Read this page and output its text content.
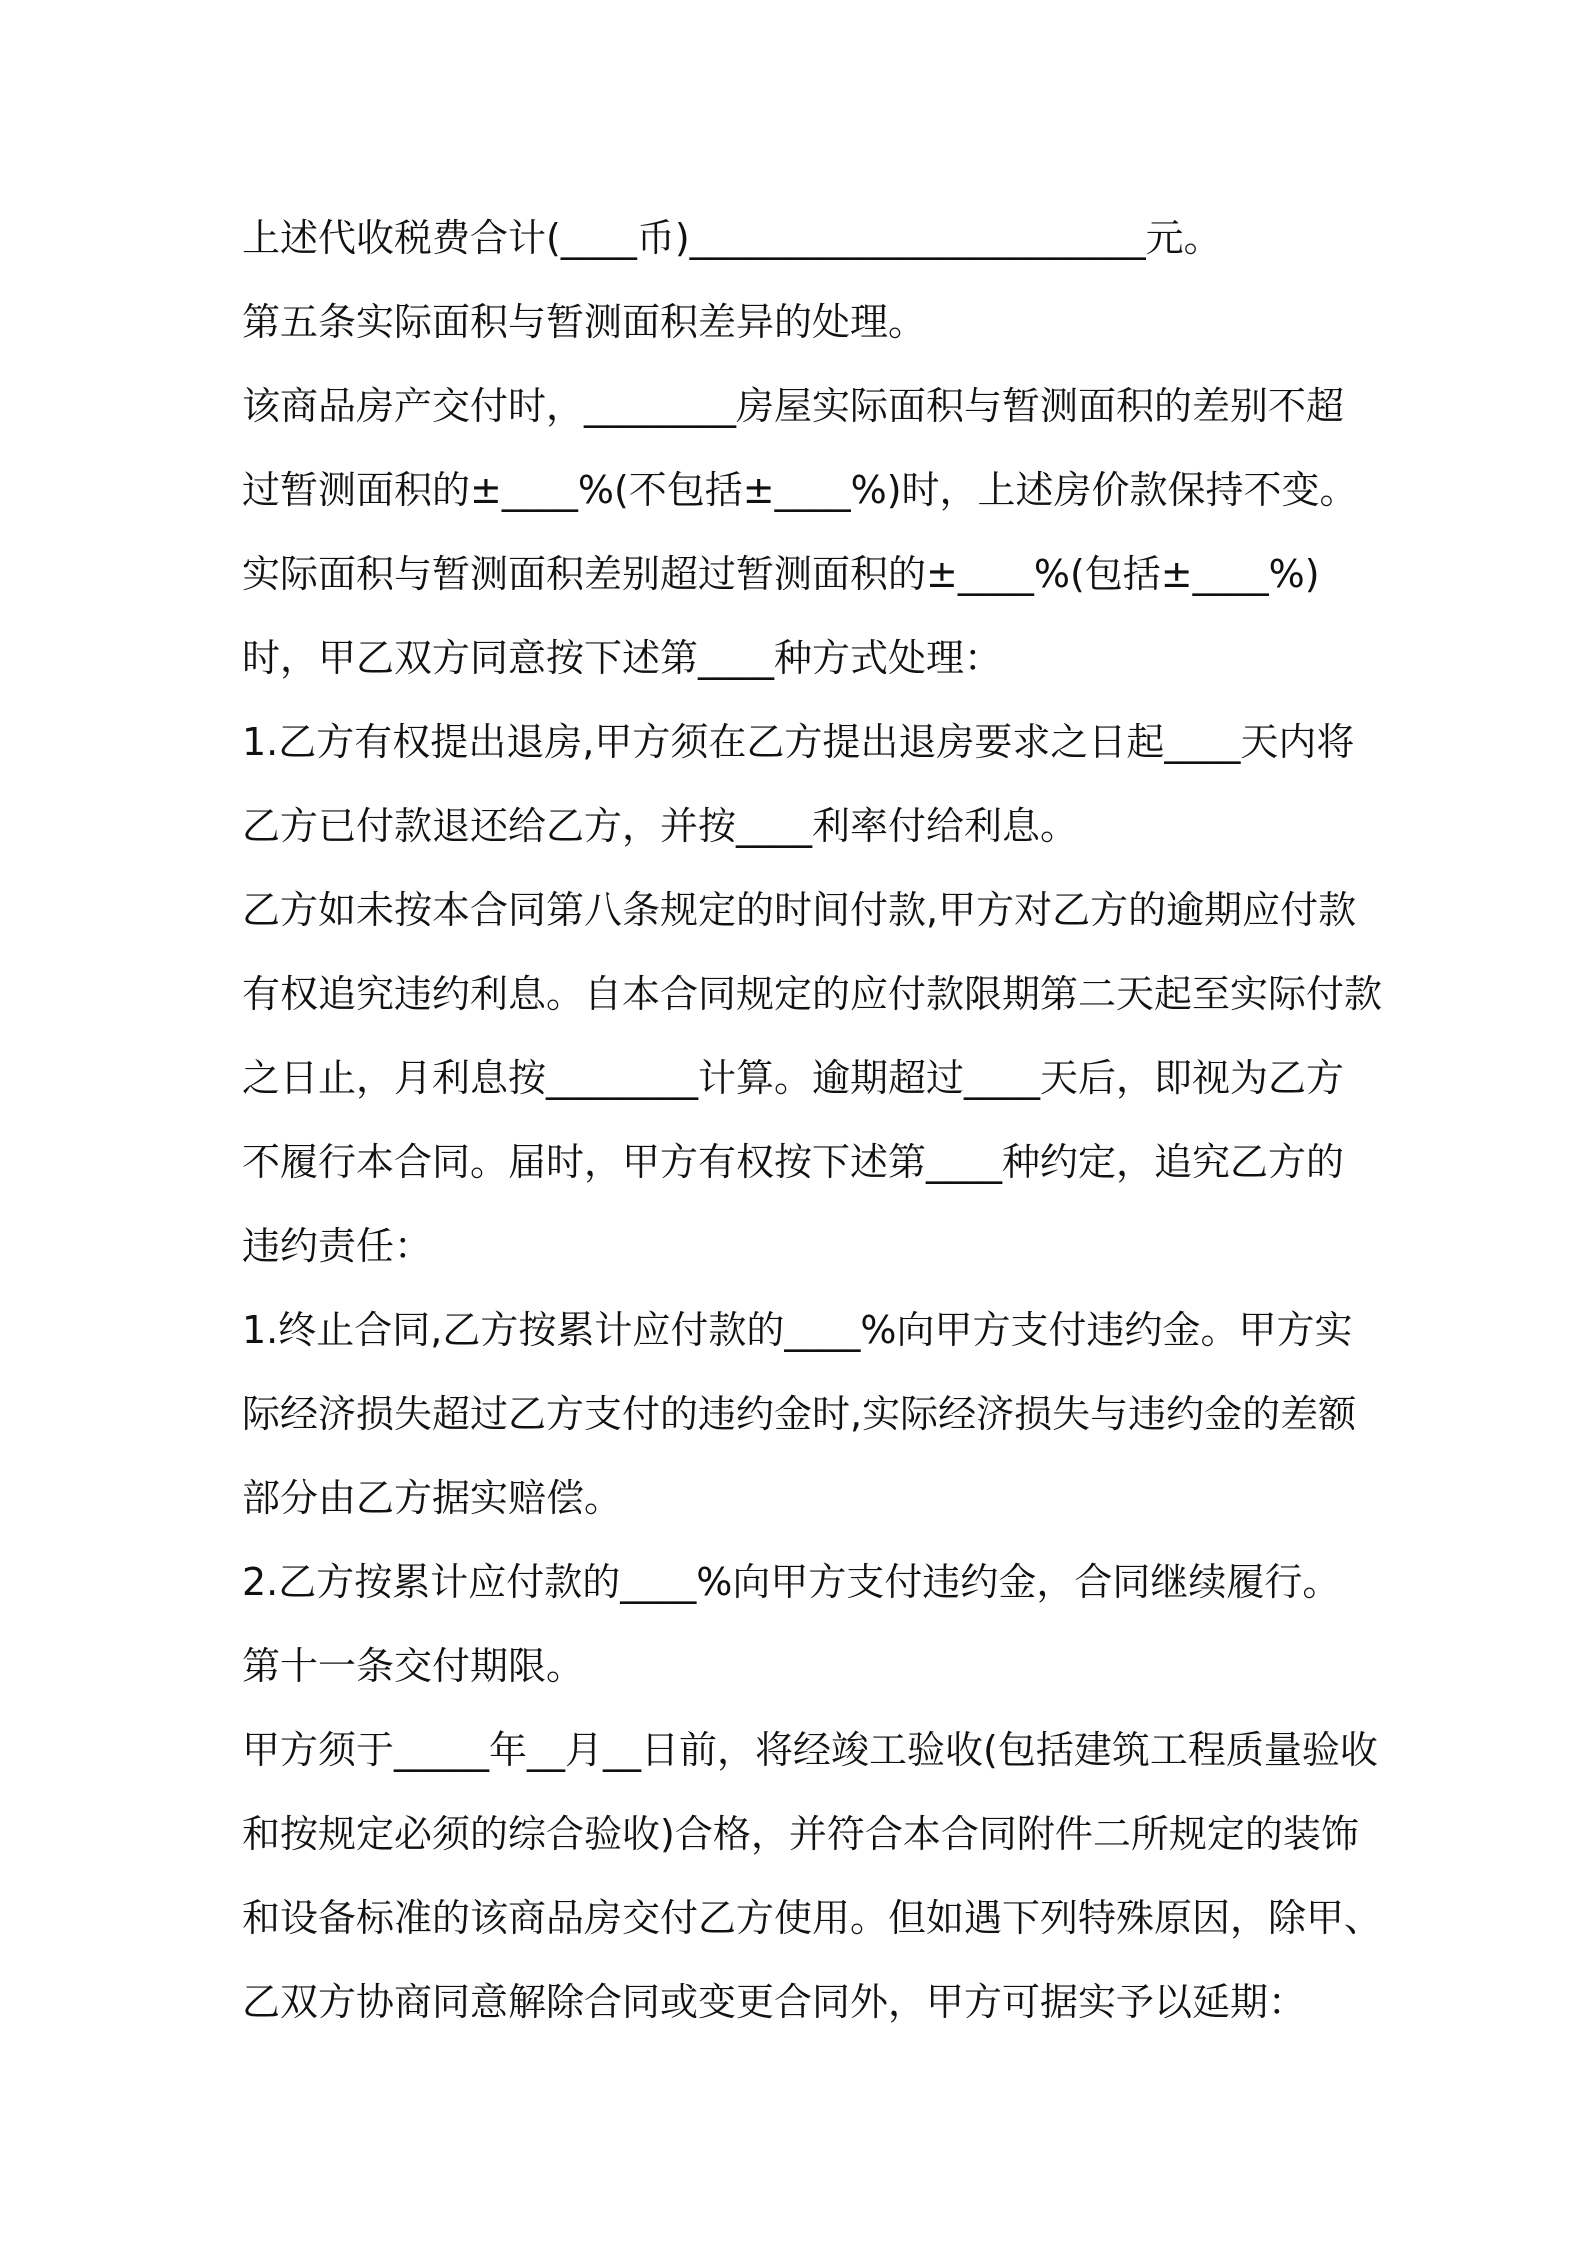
上述代收税费合计(____币)________________________元。
第五条实际面积与暂测面积差异的处理。
该商品房产交付时，________房屋实际面积与暂测面积的差别不超
过暂测面积的±____%(不包括±____%)时，上述房价款保持不变。
实际面积与暂测面积差别超过暂测面积的±____%(包括±____%)
时，甲乙双方同意按下述第____种方式处理：
1.乙方有权提出退房,甲方须在乙方提出退房要求之日起____天内将
乙方已付款退还给乙方，并按____利率付给利息。
乙方如未按本合同第八条规定的时间付款,甲方对乙方的逾期应付款
有权追究违约利息。自本合同规定的应付款限期第二天起至实际付款
之日止，月利息按________计算。逾期超过____天后，即视为乙方
不履行本合同。届时，甲方有权按下述第____种约定，追究乙方的
违约责任：
1.终止合同,乙方按累计应付款的____%向甲方支付违约金。甲方实
际经济损失超过乙方支付的违约金时,实际经济损失与违约金的差额
部分由乙方据实赔偿。
2.乙方按累计应付款的____%向甲方支付违约金，合同继续履行。
第十一条交付期限。
甲方须于_____年__月__日前，将经竣工验收(包括建筑工程质量验收
和按规定必须的综合验收)合格，并符合本合同附件二所规定的装饰
和设备标准的该商品房交付乙方使用。但如遇下列特殊原因，除甲、
乙双方协商同意解除合同或变更合同外，甲方可据实予以延期：
